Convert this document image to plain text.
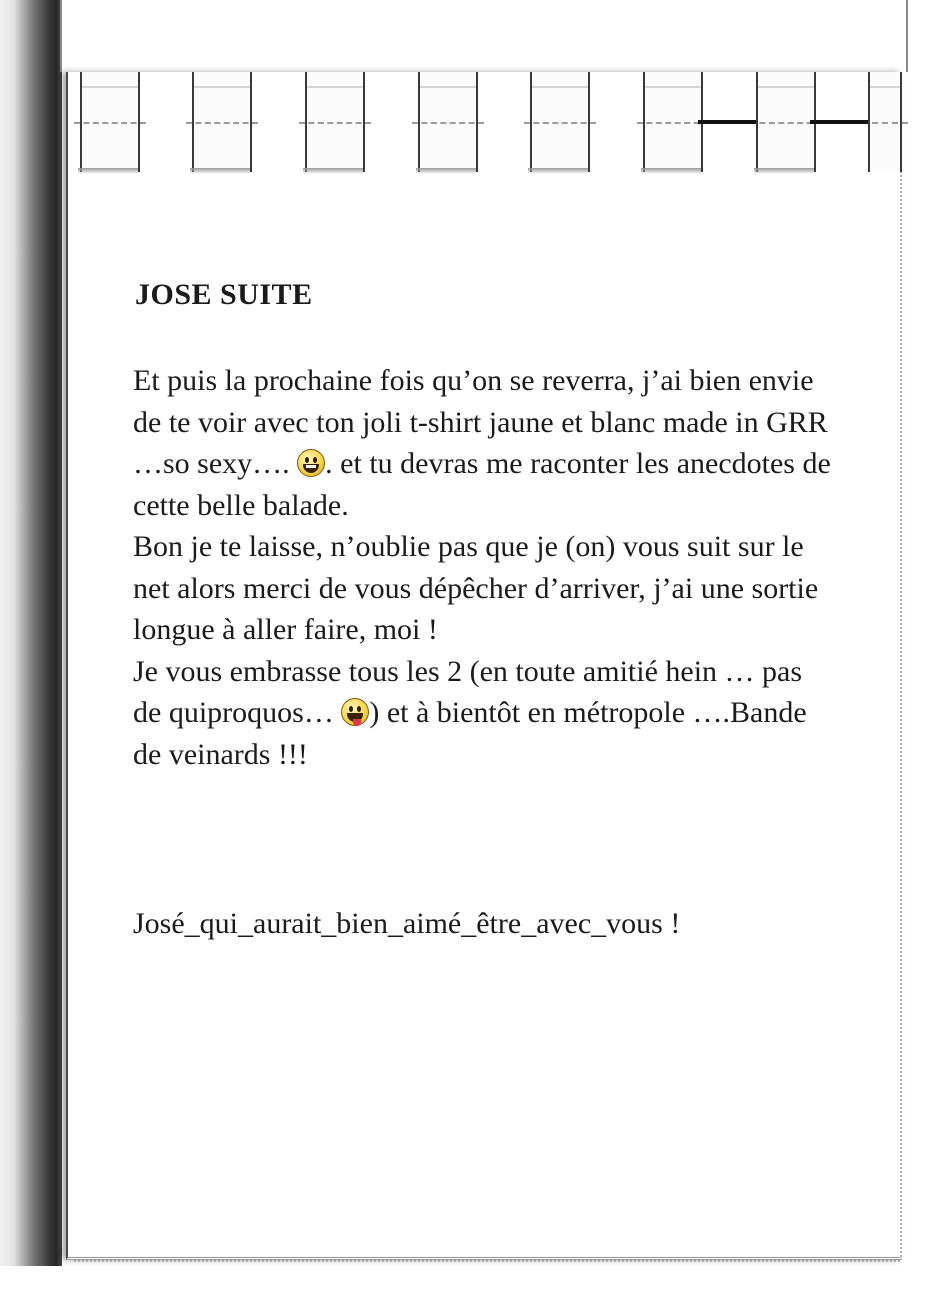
JOSE SUITE

Et puis la prochaine fois qu’on se reverra, j’ai bien envie de te voir avec ton joli t-shirt jaune et blanc made in GRR …so sexy….
. et tu devras me raconter les anecdotes de cette belle balade.

Bon je te laisse, n’oublie pas que je (on) vous suit sur le net alors merci de vous dépêcher d’arriver, j’ai une sortie longue à aller faire, moi !

Je vous embrasse tous les 2 (en toute amitié hein … pas de quiproquos…
) et à bientôt en métropole ….Bande de veinards !!!

José_qui_aurait_bien_aimé_être_avec_vous !
